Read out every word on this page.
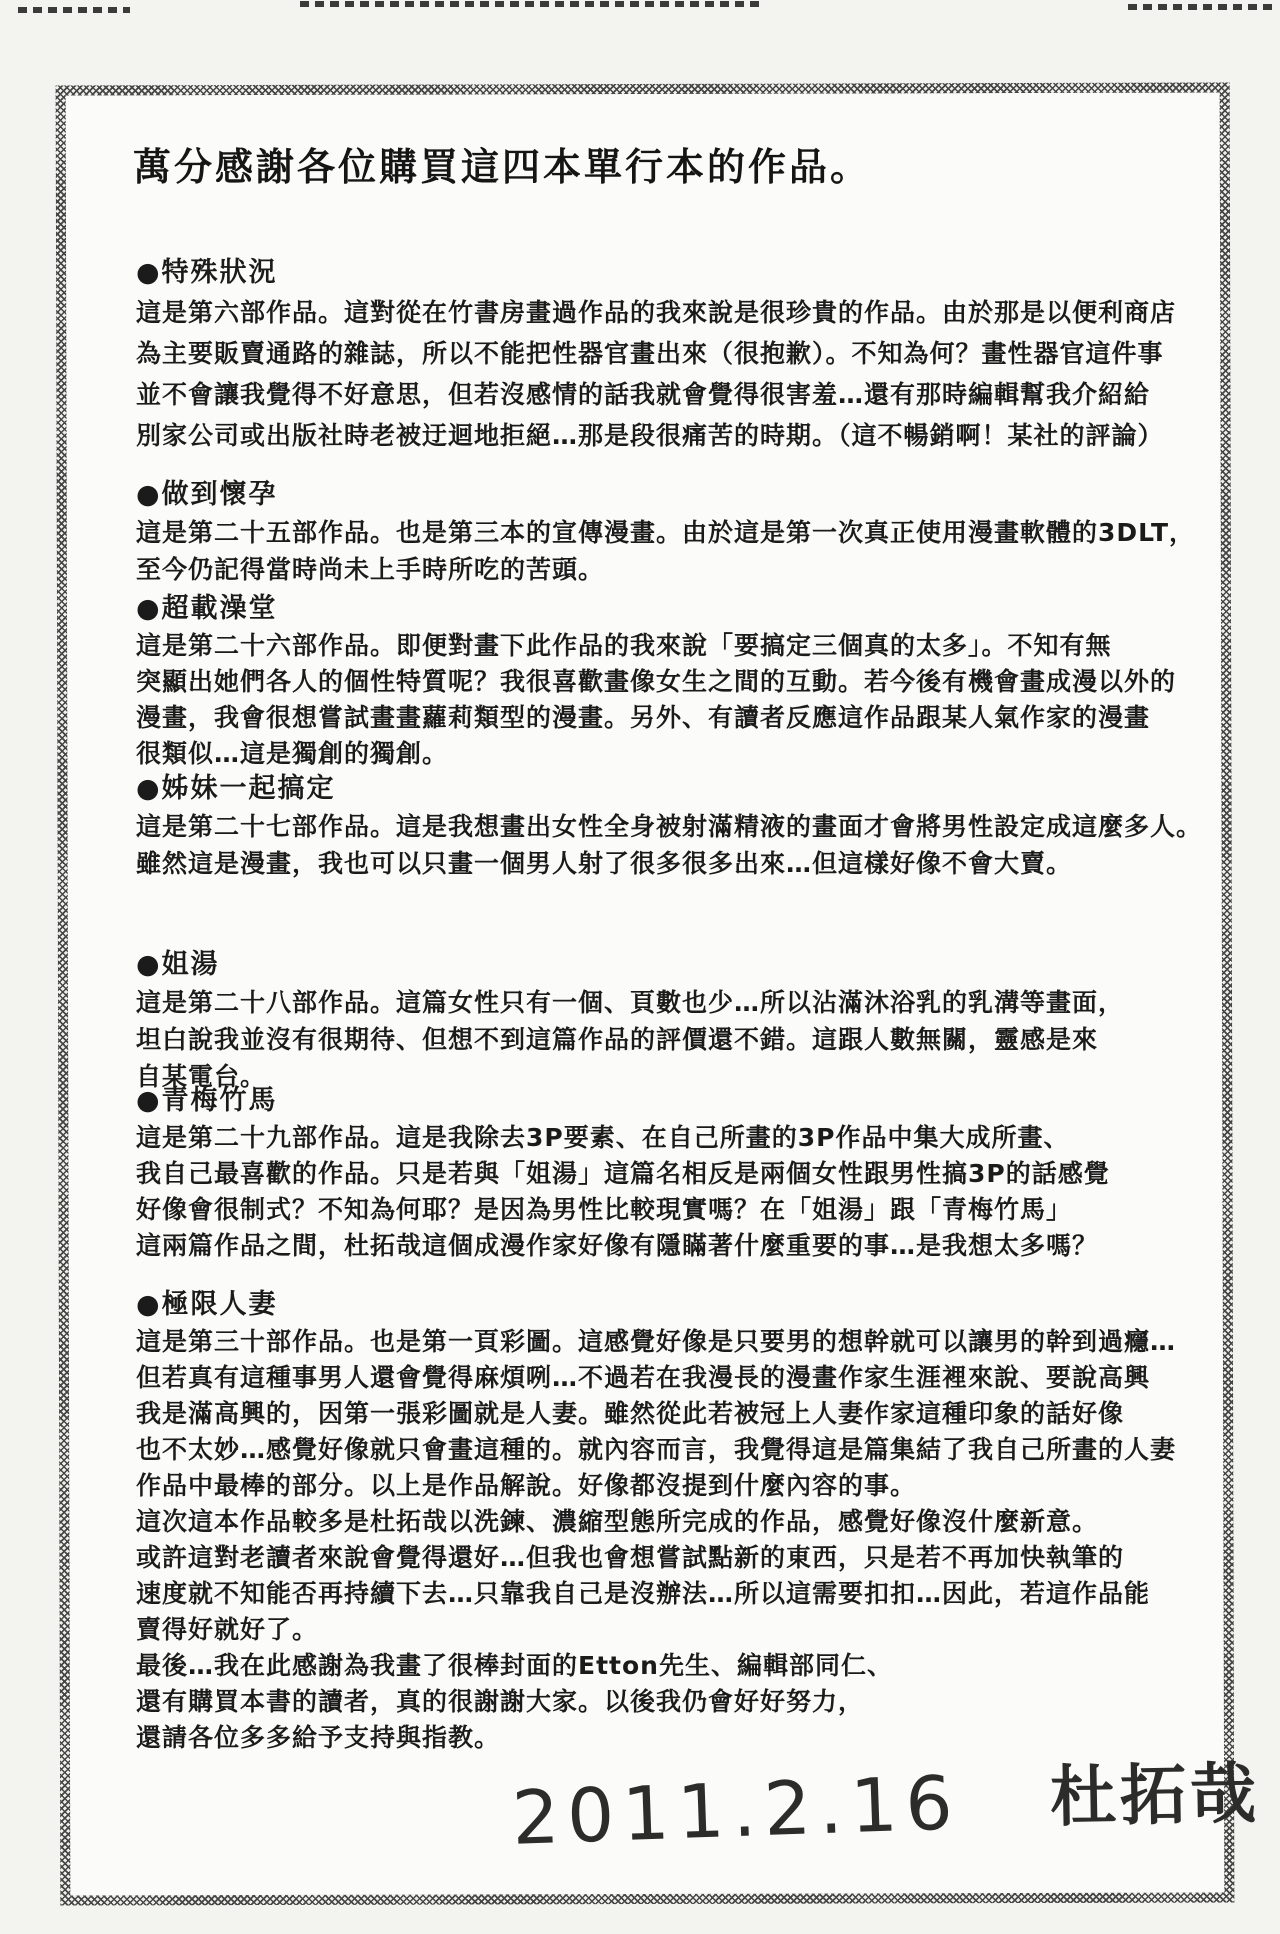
萬分感謝各位購買這四本單行本的作品。
●特殊狀況
這是第六部作品。這對從在竹書房畫過作品的我來說是很珍貴的作品。由於那是以便利商店
為主要販賣通路的雜誌，所以不能把性器官畫出來（很抱歉）。不知為何？畫性器官這件事
並不會讓我覺得不好意思，但若沒感情的話我就會覺得很害羞…還有那時編輯幫我介紹給
別家公司或出版社時老被迂迴地拒絕…那是段很痛苦的時期。（這不暢銷啊！某社的評論）
●做到懷孕
這是第二十五部作品。也是第三本的宣傳漫畫。由於這是第一次真正使用漫畫軟體的3DLT，
至今仍記得當時尚未上手時所吃的苦頭。
●超載澡堂
這是第二十六部作品。即便對畫下此作品的我來說「要搞定三個真的太多」。不知有無
突顯出她們各人的個性特質呢？我很喜歡畫像女生之間的互動。若今後有機會畫成漫以外的
漫畫，我會很想嘗試畫畫蘿莉類型的漫畫。另外、有讀者反應這作品跟某人氣作家的漫畫
很類似…這是獨創的獨創。
●姊妹一起搞定
這是第二十七部作品。這是我想畫出女性全身被射滿精液的畫面才會將男性設定成這麼多人。
雖然這是漫畫，我也可以只畫一個男人射了很多很多出來…但這樣好像不會大賣。
●姐湯
這是第二十八部作品。這篇女性只有一個、頁數也少…所以沾滿沐浴乳的乳溝等畫面，
坦白說我並沒有很期待、但想不到這篇作品的評價還不錯。這跟人數無關，靈感是來
自某電台。
●青梅竹馬
這是第二十九部作品。這是我除去3P要素、在自己所畫的3P作品中集大成所畫、
我自己最喜歡的作品。只是若與「姐湯」這篇名相反是兩個女性跟男性搞3P的話感覺
好像會很制式？不知為何耶？是因為男性比較現實嗎？在「姐湯」跟「青梅竹馬」
這兩篇作品之間，杜拓哉這個成漫作家好像有隱瞞著什麼重要的事…是我想太多嗎？
●極限人妻
這是第三十部作品。也是第一頁彩圖。這感覺好像是只要男的想幹就可以讓男的幹到過癮…
但若真有這種事男人還會覺得麻煩咧…不過若在我漫長的漫畫作家生涯裡來說、要說高興
我是滿高興的，因第一張彩圖就是人妻。雖然從此若被冠上人妻作家這種印象的話好像
也不太妙…感覺好像就只會畫這種的。就內容而言，我覺得這是篇集結了我自己所畫的人妻
作品中最棒的部分。以上是作品解說。好像都沒提到什麼內容的事。
這次這本作品較多是杜拓哉以洗鍊、濃縮型態所完成的作品，感覺好像沒什麼新意。
或許這對老讀者來說會覺得還好…但我也會想嘗試點新的東西，只是若不再加快執筆的
速度就不知能否再持續下去…只靠我自己是沒辦法…所以這需要扣扣…因此，若這作品能
賣得好就好了。
最後…我在此感謝為我畫了很棒封面的Etton先生、編輯部同仁、
還有購買本書的讀者，真的很謝謝大家。以後我仍會好好努力，
還請各位多多給予支持與指教。
2011.2.16 杜拓哉
